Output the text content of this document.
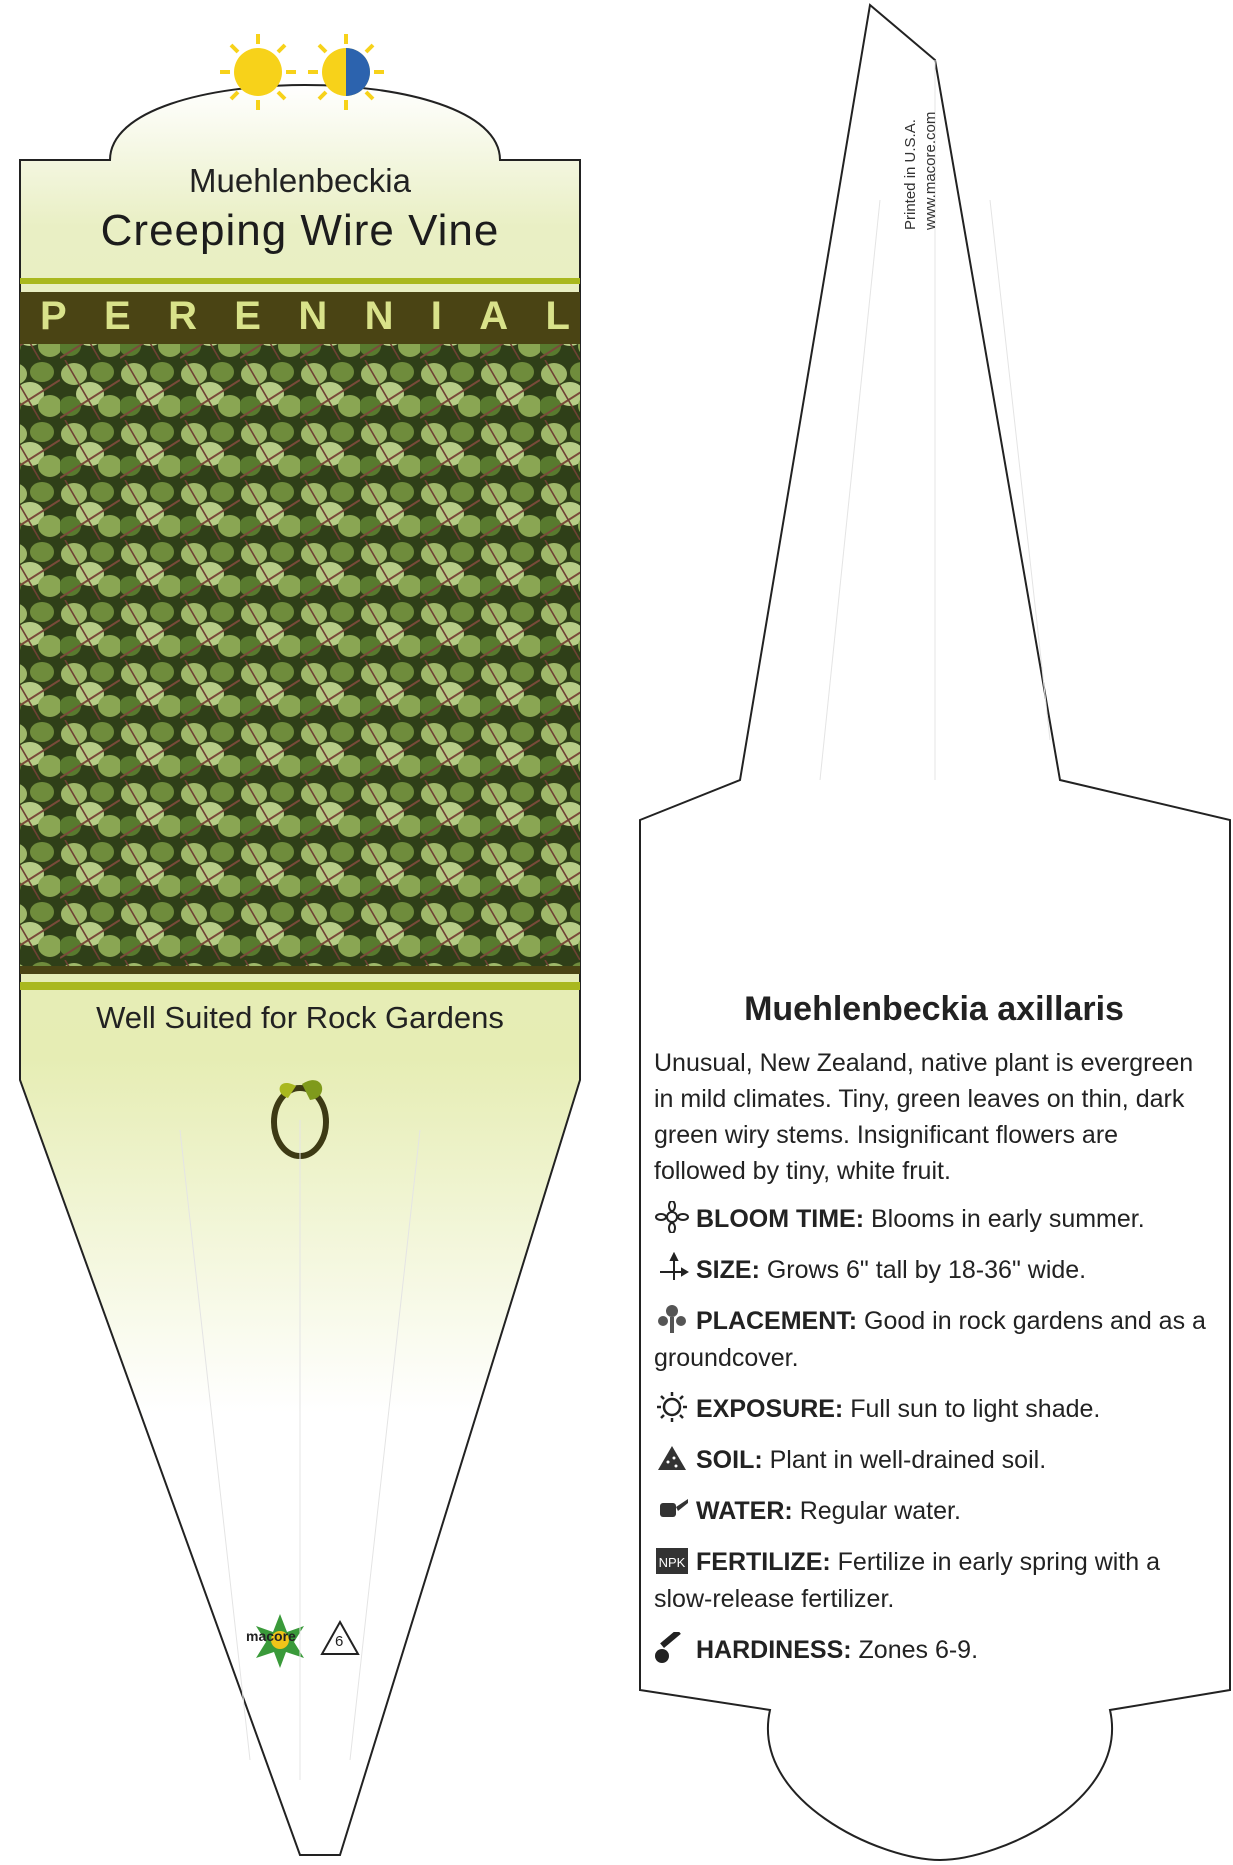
Muehlenbeckia
Creeping Wire Vine
P E R E N N I A L
Well Suited for Rock Gardens
macore	6
Printed in U.S.A. www.macore.com
Muehlenbeckia axillaris

Unusual, New Zealand, native plant is evergreen in mild climates. Tiny, green leaves on thin, dark green wiry stems. Insignificant flowers are followed by tiny, white fruit.

BLOOM TIME: Blooms in early summer.
SIZE: Grows 6" tall by 18-36" wide.
PLACEMENT: Good in rock gardens and as a groundcover.
EXPOSURE: Full sun to light shade.
SOIL: Plant in well-drained soil.
WATER: Regular water.
NPK FERTILIZE: Fertilize in early spring with a slow-release fertilizer.
HARDINESS: Zones 6-9.
